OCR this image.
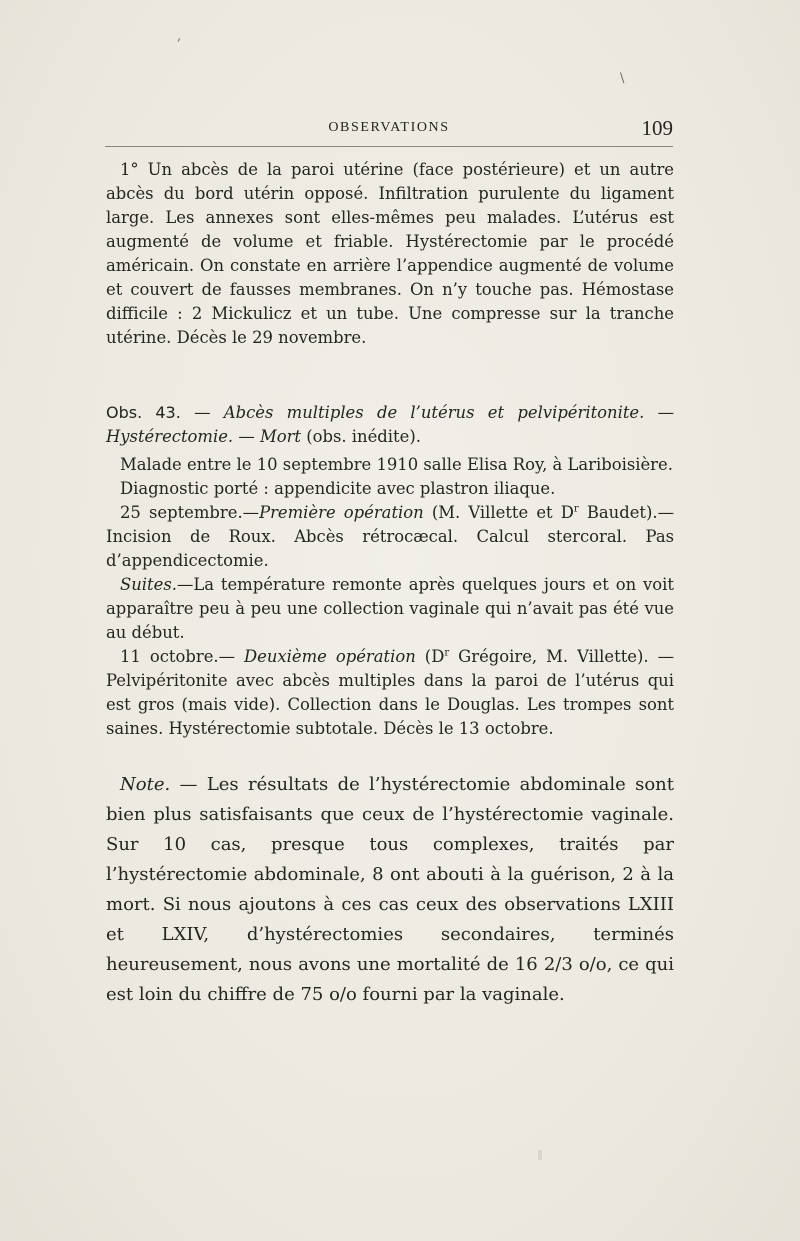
,
\
OBSERVATIONS	109

1° Un abcès de la paroi utérine (face postérieure) et un autre abcès du bord utérin opposé. Infiltration purulente du ligament large. Les annexes sont elles-mêmes peu malades. L’utérus est augmenté de volume et friable. Hystérectomie par le procédé américain. On constate en arrière l’appendice augmenté de volume et couvert de fausses membranes. On n’y touche pas. Hémostase difficile : 2 Mickulicz et un tube. Une compresse sur la tranche utérine. Décès le 29 novembre.

Obs. 43. — Abcès multiples de l’utérus et pelvipéritonite. — Hystérectomie. — Mort (obs. inédite).

Malade entre le 10 septembre 1910 salle Elisa Roy, à Lariboisière.

Diagnostic porté : appendicite avec plastron iliaque.

25 septembre.—Première opération (M. Villette et $D^r$ Baudet).— Incision de Roux. Abcès rétrocæcal. Calcul stercoral. Pas d’appendicectomie.

Suites.—La température remonte après quelques jours et on voit apparaître peu à peu une collection vaginale qui n’avait pas été vue au début.

11 octobre.— Deuxième opération ($D^r$ Grégoire, M. Villette). — Pelvipéritonite avec abcès multiples dans la paroi de l’utérus qui est gros (mais vide). Collection dans le Douglas. Les trompes sont saines. Hystérectomie subtotale. Décès le 13 octobre.

Note. — Les résultats de l’hystérectomie abdominale sont bien plus satisfaisants que ceux de l’hystérectomie vaginale. Sur 10 cas, presque tous complexes, traités par l’hystérectomie abdominale, 8 ont abouti à la guérison, 2 à la mort. Si nous ajoutons à ces cas ceux des observations LXIII et LXIV, d’hystérectomies secondaires, terminés heureusement, nous avons une mortalité de 16 2/3 o/o, ce qui est loin du chiffre de 75 o/o fourni par la vaginale.
